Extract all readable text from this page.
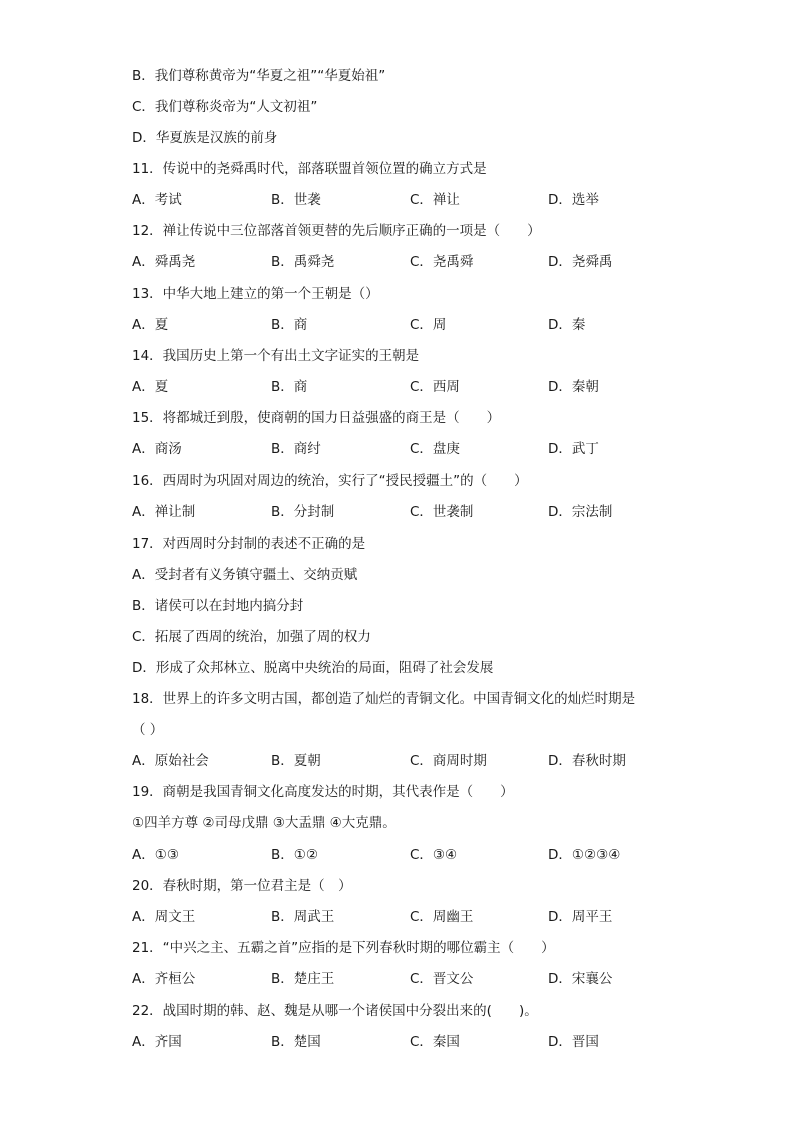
B．我们尊称黄帝为“华夏之祖”“华夏始祖”
C．我们尊称炎帝为“人文初祖”
D．华夏族是汉族的前身
11．传说中的尧舜禹时代，部落联盟首领位置的确立方式是
A．考试	B．世袭	C．禅让	D．选举
12．禅让传说中三位部落首领更替的先后顺序正确的一项是（　　）
A．舜禹尧	B．禹舜尧	C．尧禹舜	D．尧舜禹
13．中华大地上建立的第一个王朝是（）
A．夏	B．商	C．周	D．秦
14．我国历史上第一个有出土文字证实的王朝是
A．夏	B．商	C．西周	D．秦朝
15．将都城迁到殷，使商朝的国力日益强盛的商王是（　　）
A．商汤	B．商纣	C．盘庚	D．武丁
16．西周时为巩固对周边的统治，实行了“授民授疆土”的（　　）
A．禅让制	B．分封制	C．世袭制	D．宗法制
17．对西周时分封制的表述不正确的是
A．受封者有义务镇守疆土、交纳贡赋
B．诸侯可以在封地内搞分封
C．拓展了西周的统治，加强了周的权力
D．形成了众邦林立、脱离中央统治的局面，阻碍了社会发展
18．世界上的许多文明古国，都创造了灿烂的青铜文化。中国青铜文化的灿烂时期是
（ ）
A．原始社会	B．夏朝	C．商周时期	D．春秋时期
19．商朝是我国青铜文化高度发达的时期，其代表作是（　　）
①四羊方尊 ②司母戊鼎 ③大盂鼎 ④大克鼎。
A．①③	B．①②	C．③④	D．①②③④
20．春秋时期，第一位君主是（　）
A．周文王	B．周武王	C．周幽王	D．周平王
21．“中兴之主、五霸之首”应指的是下列春秋时期的哪位霸主（　　）
A．齐桓公	B．楚庄王	C．晋文公	D．宋襄公
22．战国时期的韩、赵、魏是从哪一个诸侯国中分裂出来的(　　)。
A．齐国	B．楚国	C．秦国	D．晋国
